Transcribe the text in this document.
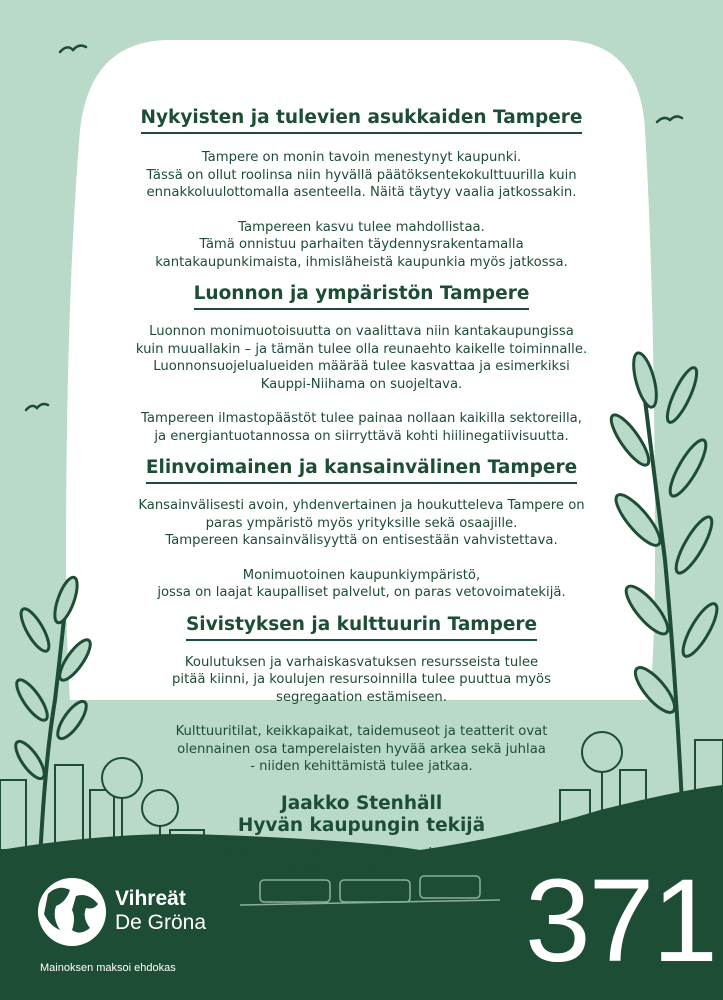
Nykyisten ja tulevien asukkaiden Tampere

Tampere on monin tavoin menestynyt kaupunki.
Tässä on ollut roolinsa niin hyvällä päätöksentekokulttuurilla kuin
ennakkoluulottomalla asenteella. Näitä täytyy vaalia jatkossakin.

Tampereen kasvu tulee mahdollistaa.
Tämä onnistuu parhaiten täydennysrakentamalla
kantakaupunkimaista, ihmisläheistä kaupunkia myös jatkossa.

Luonnon ja ympäristön Tampere

Luonnon monimuotoisuutta on vaalittava niin kantakaupungissa
kuin muuallakin – ja tämän tulee olla reunaehto kaikelle toiminnalle.
Luonnonsuojelualueiden määrää tulee kasvattaa ja esimerkiksi
Kauppi-Niihama on suojeltava.

Tampereen ilmastopäästöt tulee painaa nollaan kaikilla sektoreilla,
ja energiantuotannossa on siirryttävä kohti hiilinegatiivisuutta.

Elinvoimainen ja kansainvälinen Tampere

Kansainvälisesti avoin, yhdenvertainen ja houkutteleva Tampere on
paras ympäristö myös yrityksille sekä osaajille.
Tampereen kansainvälisyyttä on entisestään vahvistettava.

Monimuotoinen kaupunkiympäristö,
jossa on laajat kaupalliset palvelut, on paras vetovoimatekijä.

Sivistyksen ja kulttuurin Tampere

Koulutuksen ja varhaiskasvatuksen resursseista tulee
pitää kiinni, ja koulujen resursoinnilla tulee puuttua myös
segregaation estämiseen.

Kulttuuritilat, keikkapaikat, taidemuseot ja teatterit ovat
olennainen osa tamperelaisten hyvää arkea sekä juhlaa
- niiden kehittämistä tulee jatkaa.

Jaakko Stenhäll
Hyvän kaupungin tekijä
DI, kaupunginvaltuuston varapuheenjohtaja
www.jaakkostenhall.fi
Vihreät
De Gröna
Mainoksen maksoi ehdokas	371
